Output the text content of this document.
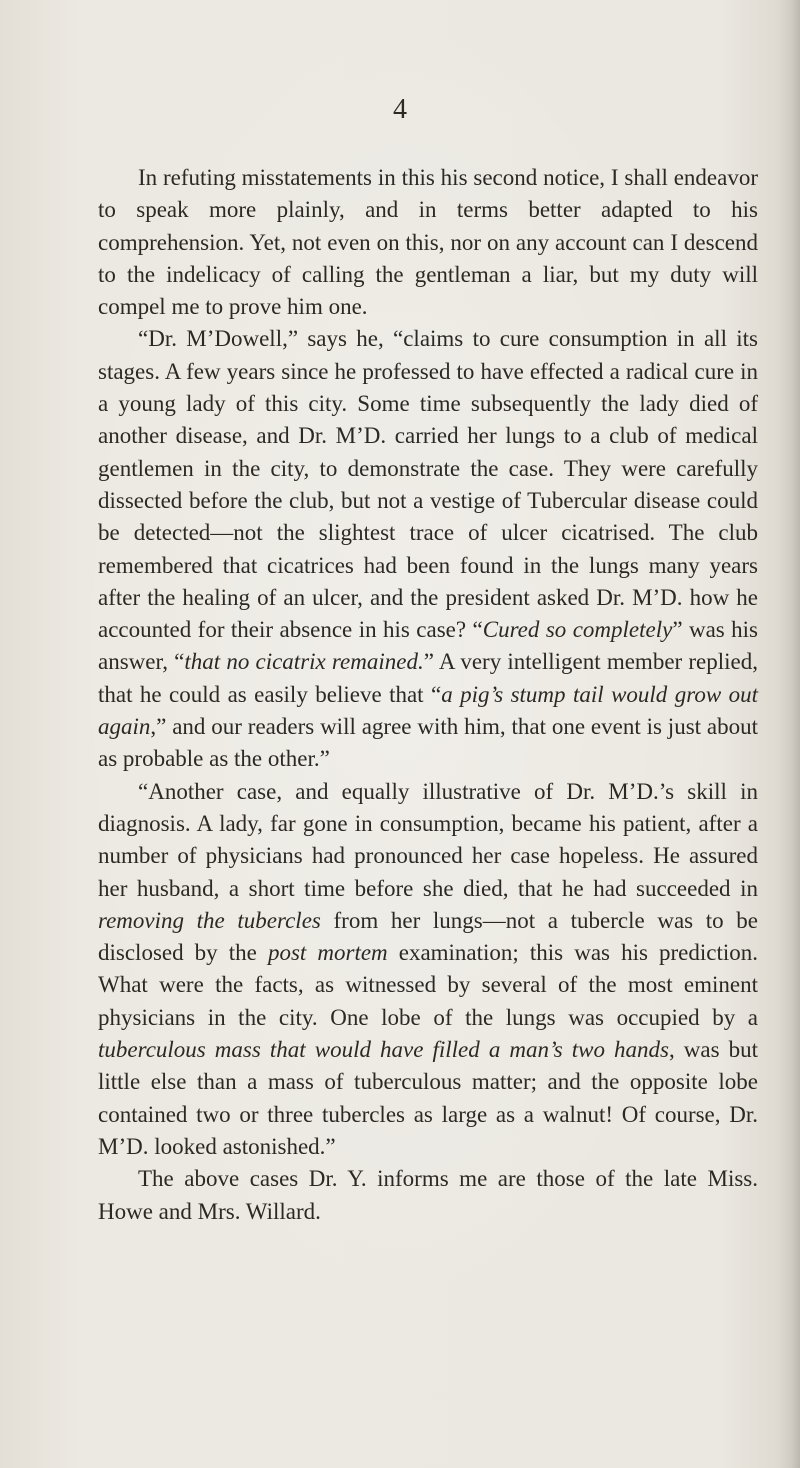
4

In refuting misstatements in this his second notice, I shall endeavor to speak more plainly, and in terms better adapted to his comprehension. Yet, not even on this, nor on any account can I descend to the indelicacy of calling the gentleman a liar, but my duty will compel me to prove him one.

“Dr. M’Dowell,” says he, “claims to cure consumption in all its stages. A few years since he professed to have effected a radical cure in a young lady of this city. Some time subsequently the lady died of another disease, and Dr. M’D. carried her lungs to a club of medical gentlemen in the city, to demonstrate the case. They were carefully dissected before the club, but not a vestige of Tubercular disease could be detected—not the slightest trace of ulcer cicatrised. The club remembered that cicatrices had been found in the lungs many years after the healing of an ulcer, and the president asked Dr. M’D. how he accounted for their absence in his case? “Cured so completely” was his answer, “that no cicatrix remained.” A very intelligent member replied, that he could as easily believe that “a pig’s stump tail would grow out again,” and our readers will agree with him, that one event is just about as probable as the other.”

“Another case, and equally illustrative of Dr. M’D.’s skill in diagnosis. A lady, far gone in consumption, became his patient, after a number of physicians had pronounced her case hopeless. He assured her husband, a short time before she died, that he had succeeded in removing the tubercles from her lungs—not a tubercle was to be disclosed by the post mortem examination; this was his prediction. What were the facts, as witnessed by several of the most eminent physicians in the city. One lobe of the lungs was occupied by a tuberculous mass that would have filled a man’s two hands, was but little else than a mass of tuberculous matter; and the opposite lobe contained two or three tubercles as large as a walnut! Of course, Dr. M’D. looked astonished.”

The above cases Dr. Y. informs me are those of the late Miss. Howe and Mrs. Willard.
